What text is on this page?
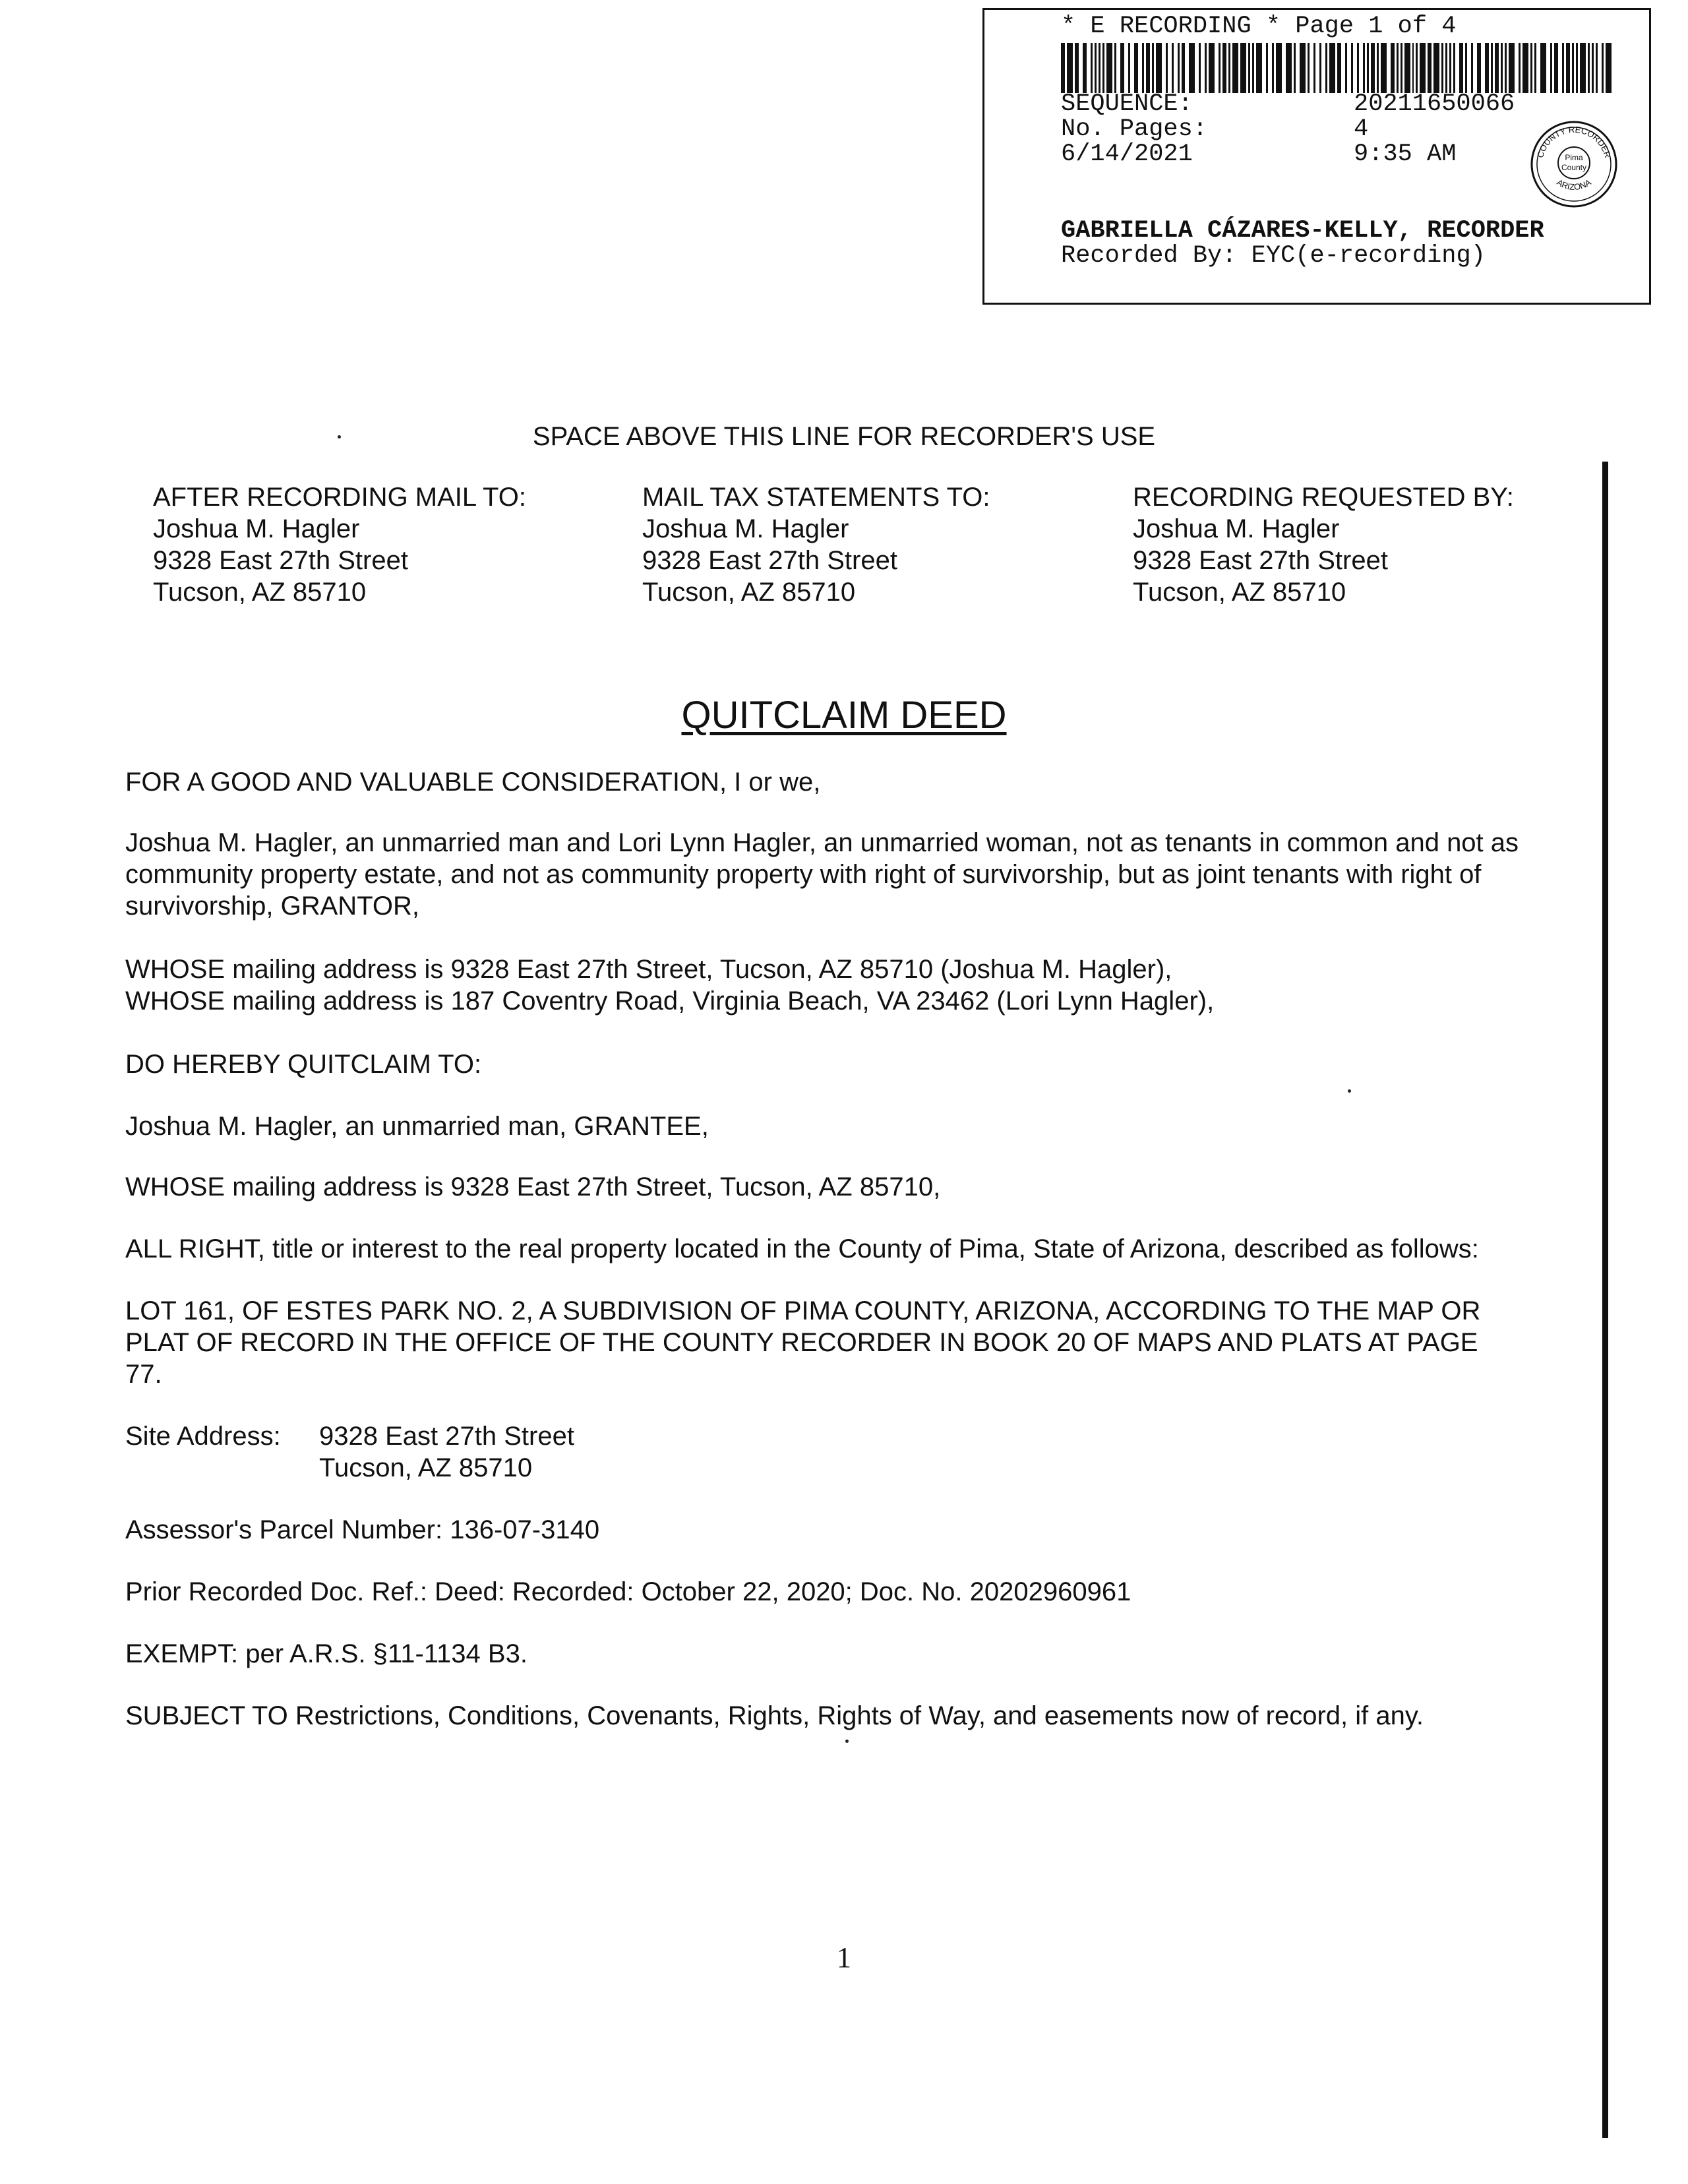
* E RECORDING * Page 1 of 4
SEQUENCE:	20211650066
No. Pages:	4
6/14/2021	9:35 AM	COUNTY RECORDER
ARIZONA
Pima
County
GABRIELLA CÁZARES-KELLY, RECORDER
Recorded By: EYC(e-recording)
SPACE ABOVE THIS LINE FOR RECORDER'S USE
AFTER RECORDING MAIL TO:
Joshua M. Hagler
9328 East 27th Street
Tucson, AZ 85710
MAIL TAX STATEMENTS TO:
Joshua M. Hagler
9328 East 27th Street
Tucson, AZ 85710
RECORDING REQUESTED BY:
Joshua M. Hagler
9328 East 27th Street
Tucson, AZ 85710
QUITCLAIM DEED
FOR A GOOD AND VALUABLE CONSIDERATION, I or we,
Joshua M. Hagler, an unmarried man and Lori Lynn Hagler, an unmarried woman, not as tenants in common and not as
community property estate, and not as community property with right of survivorship, but as joint tenants with right of
survivorship, GRANTOR,
WHOSE mailing address is 9328 East 27th Street, Tucson, AZ 85710 (Joshua M. Hagler),
WHOSE mailing address is 187 Coventry Road, Virginia Beach, VA 23462 (Lori Lynn Hagler),
DO HEREBY QUITCLAIM TO:
Joshua M. Hagler, an unmarried man, GRANTEE,
WHOSE mailing address is 9328 East 27th Street, Tucson, AZ 85710,
ALL RIGHT, title or interest to the real property located in the County of Pima, State of Arizona, described as follows:
LOT 161, OF ESTES PARK NO. 2, A SUBDIVISION OF PIMA COUNTY, ARIZONA, ACCORDING TO THE MAP OR
PLAT OF RECORD IN THE OFFICE OF THE COUNTY RECORDER IN BOOK 20 OF MAPS AND PLATS AT PAGE
77.
Site Address: 9328 East 27th Street
Tucson, AZ 85710
Assessor's Parcel Number: 136-07-3140
Prior Recorded Doc. Ref.: Deed: Recorded: October 22, 2020; Doc. No. 20202960961
EXEMPT: per A.R.S. §11-1134 B3.
SUBJECT TO Restrictions, Conditions, Covenants, Rights, Rights of Way, and easements now of record, if any.
1
